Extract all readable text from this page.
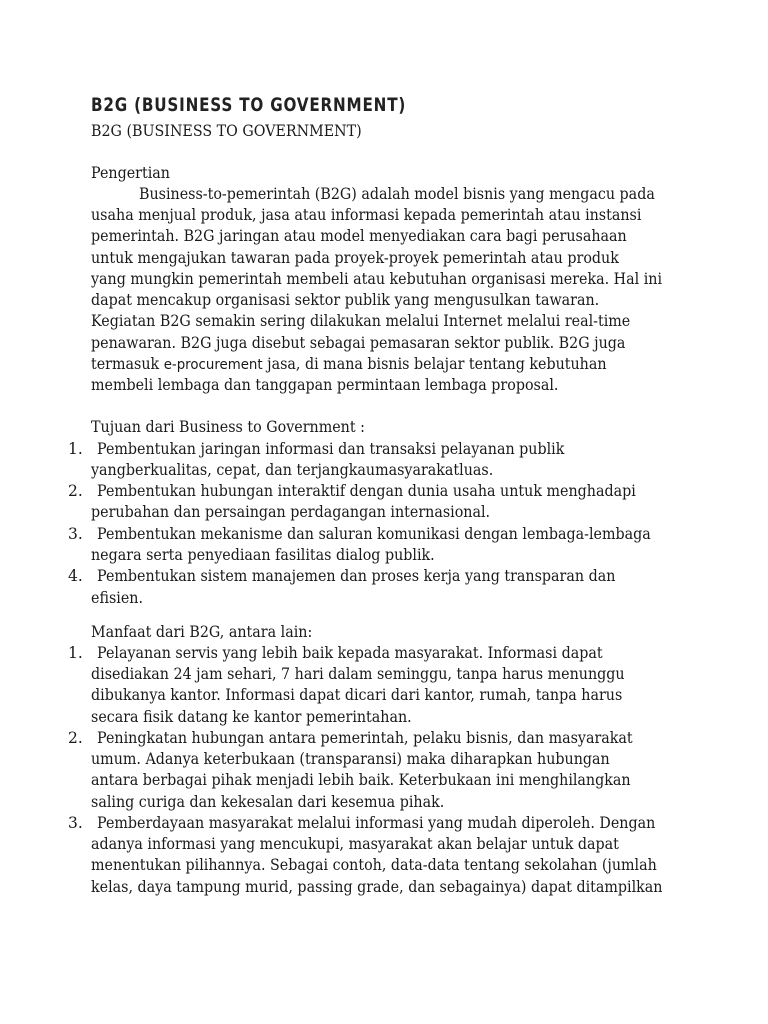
B2G (BUSINESS TO GOVERNMENT)
B2G (BUSINESS TO GOVERNMENT)
Pengertian
Business-to-pemerintah (B2G) adalah model bisnis yang mengacu pada
usaha menjual produk, jasa atau informasi kepada pemerintah atau instansi
pemerintah. B2G jaringan atau model menyediakan cara bagi perusahaan
untuk mengajukan tawaran pada proyek-proyek pemerintah atau produk
yang mungkin pemerintah membeli atau kebutuhan organisasi mereka. Hal ini
dapat mencakup organisasi sektor publik yang mengusulkan tawaran.
Kegiatan B2G semakin sering dilakukan melalui Internet melalui real-time
penawaran. B2G juga disebut sebagai pemasaran sektor publik. B2G juga
termasuk e-procurement jasa, di mana bisnis belajar tentang kebutuhan
membeli lembaga dan tanggapan permintaan lembaga proposal.
Tujuan dari Business to Government :
1. Pembentukan jaringan informasi dan transaksi pelayanan publik
yangberkualitas, cepat, dan terjangkaumasyarakatluas.
2. Pembentukan hubungan interaktif dengan dunia usaha untuk menghadapi
perubahan dan persaingan perdagangan internasional.
3. Pembentukan mekanisme dan saluran komunikasi dengan lembaga-lembaga
negara serta penyediaan fasilitas dialog publik.
4. Pembentukan sistem manajemen dan proses kerja yang transparan dan
efisien.
Manfaat dari B2G, antara lain:
1. Pelayanan servis yang lebih baik kepada masyarakat. Informasi dapat
disediakan 24 jam sehari, 7 hari dalam seminggu, tanpa harus menunggu
dibukanya kantor. Informasi dapat dicari dari kantor, rumah, tanpa harus
secara fisik datang ke kantor pemerintahan.
2. Peningkatan hubungan antara pemerintah, pelaku bisnis, dan masyarakat
umum. Adanya keterbukaan (transparansi) maka diharapkan hubungan
antara berbagai pihak menjadi lebih baik. Keterbukaan ini menghilangkan
saling curiga dan kekesalan dari kesemua pihak.
3. Pemberdayaan masyarakat melalui informasi yang mudah diperoleh. Dengan
adanya informasi yang mencukupi, masyarakat akan belajar untuk dapat
menentukan pilihannya. Sebagai contoh, data-data tentang sekolahan (jumlah
kelas, daya tampung murid, passing grade, dan sebagainya) dapat ditampilkan
